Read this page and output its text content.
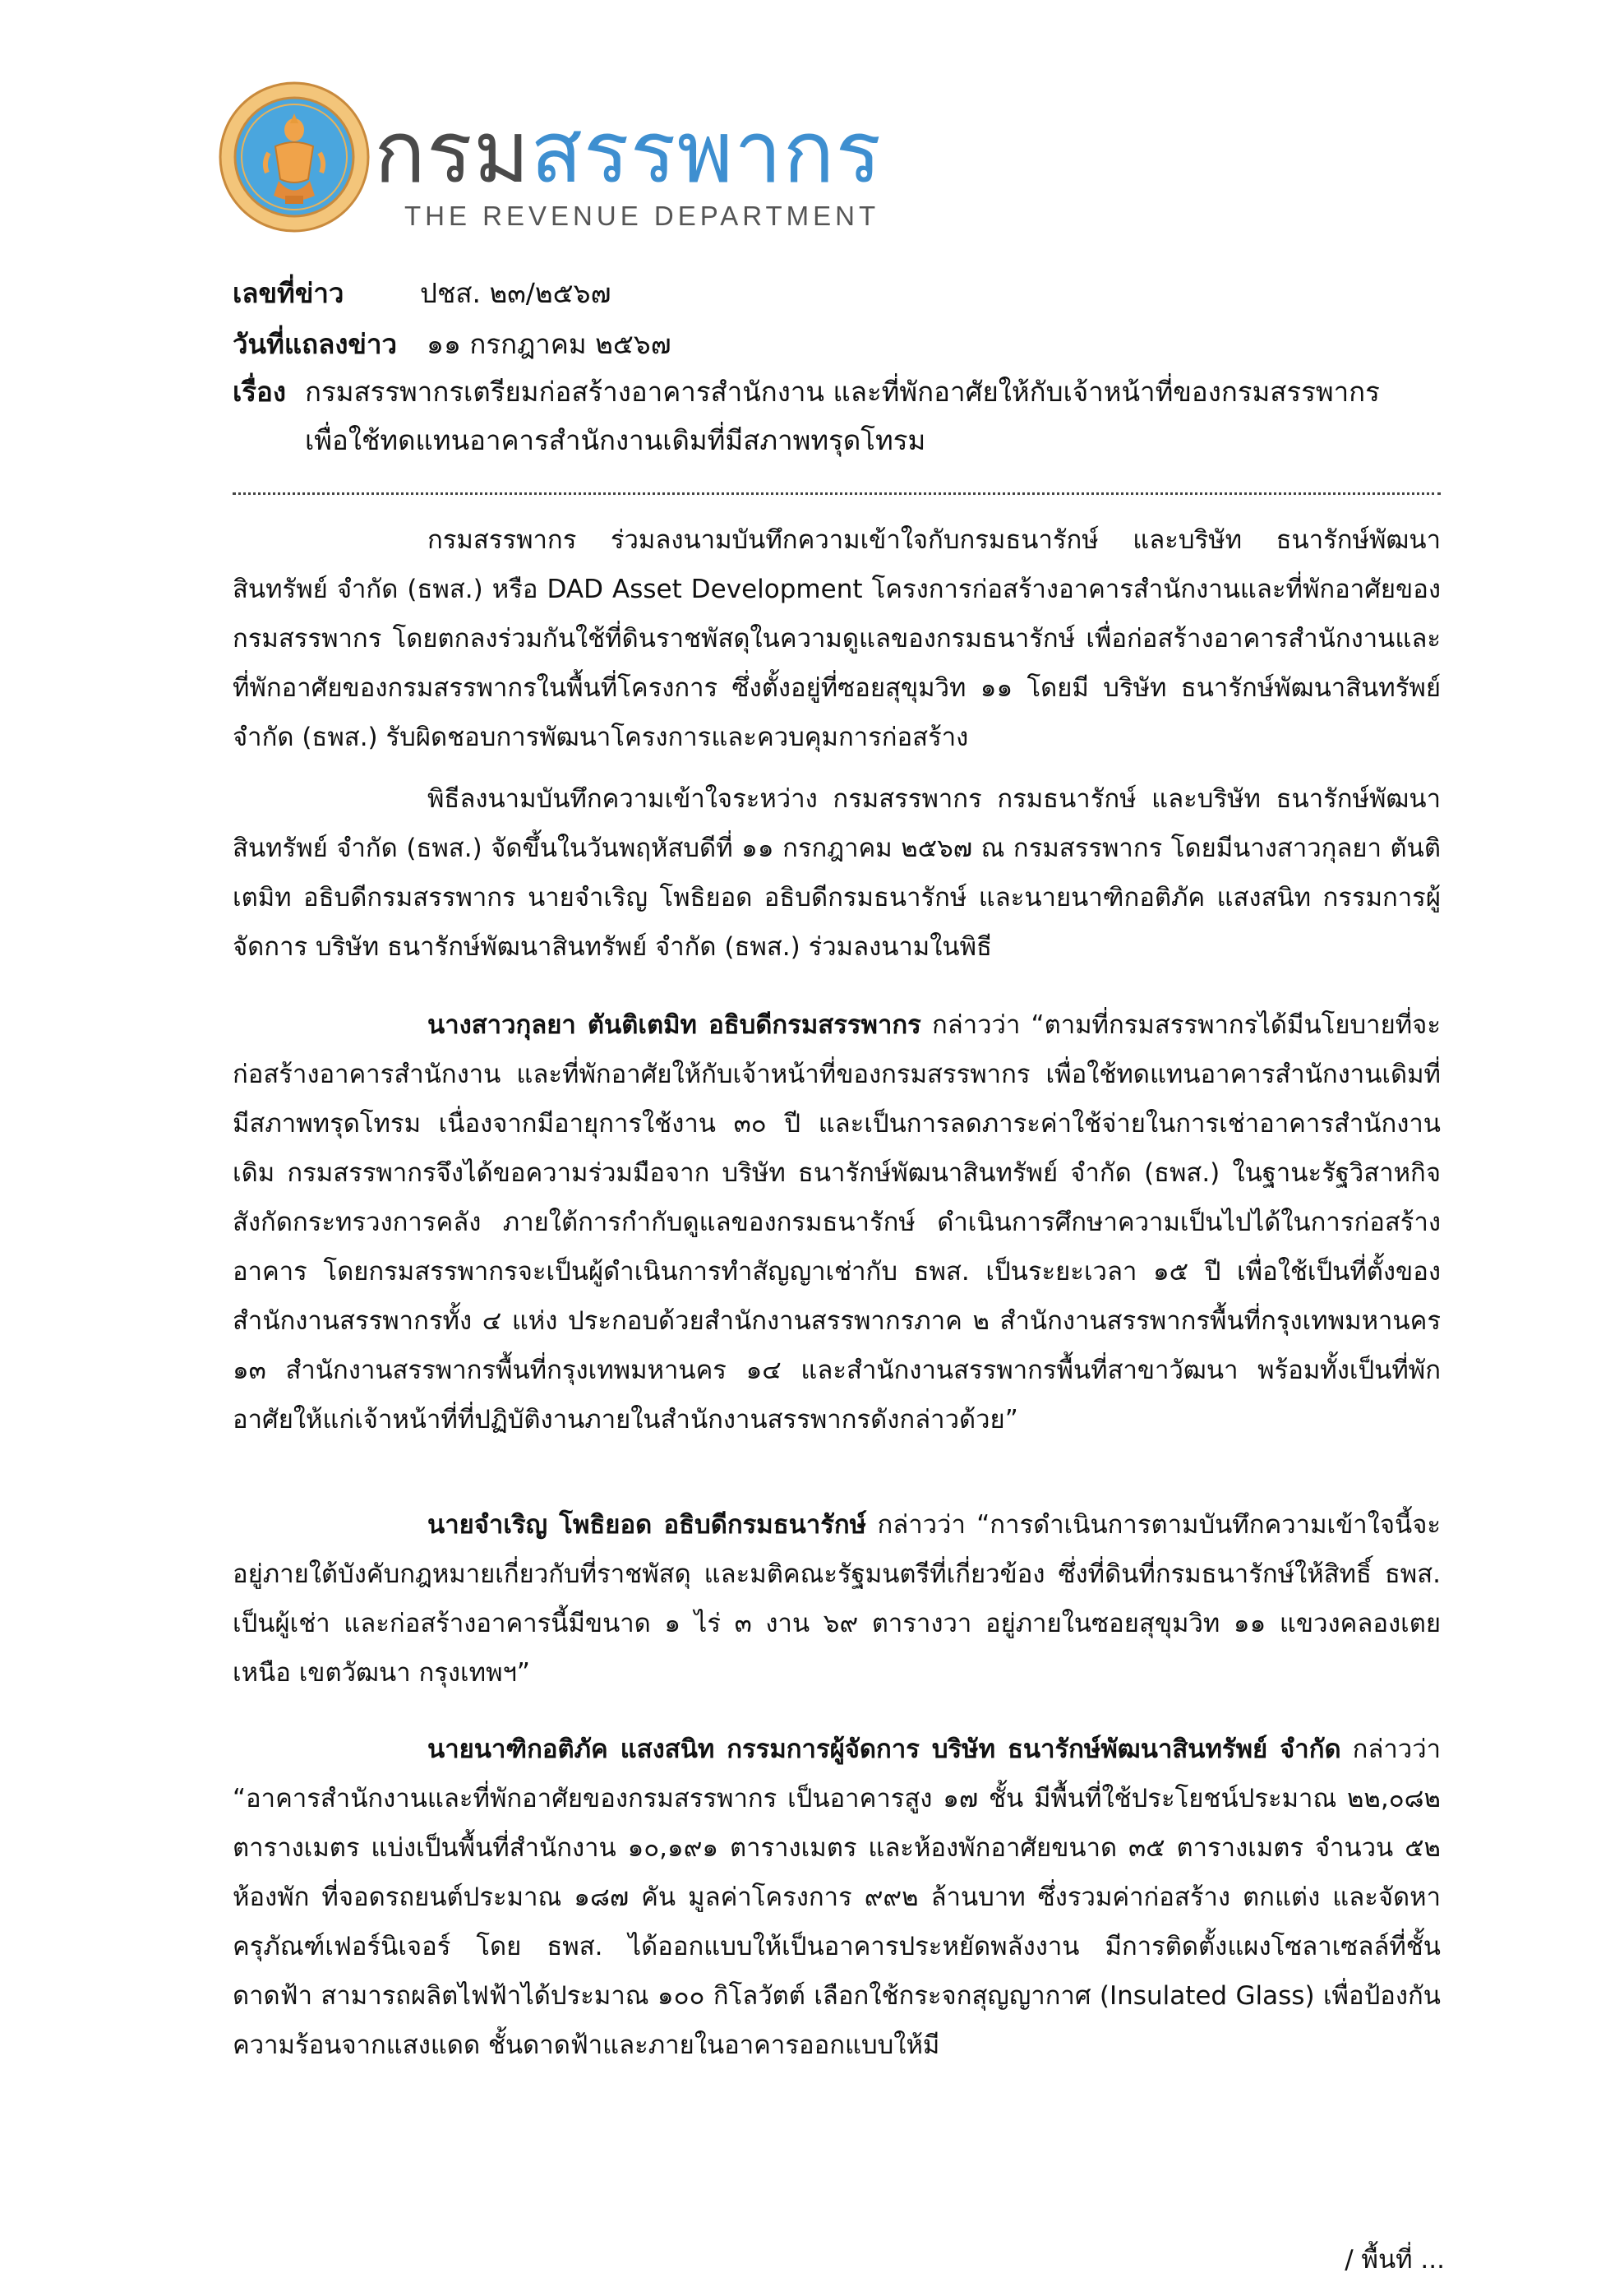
กรมสรรพากร
THE REVENUE DEPARTMENT
เลขที่ข่าว	ปชส. ๒๓/๒๕๖๗
วันที่แถลงข่าว ๑๑ กรกฎาคม ๒๕๖๗
เรื่อง กรมสรรพากรเตรียมก่อสร้างอาคารสำนักงาน และที่พักอาศัยให้กับเจ้าหน้าที่ของกรมสรรพากร
เพื่อใช้ทดแทนอาคารสำนักงานเดิมที่มีสภาพทรุดโทรม

กรมสรรพากร ร่วมลงนามบันทึกความเข้าใจกับกรมธนารักษ์ และบริษัท ธนารักษ์พัฒนาสินทรัพย์ จำกัด (ธพส.) หรือ DAD Asset Development โครงการก่อสร้างอาคารสำนักงานและที่พักอาศัยของกรมสรรพากร โดยตกลงร่วมกันใช้ที่ดินราชพัสดุในความดูแลของกรมธนารักษ์ เพื่อก่อสร้างอาคารสำนักงานและที่พักอาศัยของกรมสรรพากรในพื้นที่โครงการ ซึ่งตั้งอยู่ที่ซอยสุขุมวิท ๑๑ โดยมี บริษัท ธนารักษ์พัฒนาสินทรัพย์ จำกัด (ธพส.) รับผิดชอบการพัฒนาโครงการและควบคุมการก่อสร้าง

พิธีลงนามบันทึกความเข้าใจระหว่าง กรมสรรพากร กรมธนารักษ์ และบริษัท ธนารักษ์พัฒนาสินทรัพย์ จำกัด (ธพส.) จัดขึ้นในวันพฤหัสบดีที่ ๑๑ กรกฎาคม ๒๕๖๗ ณ กรมสรรพากร โดยมีนางสาวกุลยา ตันติเตมิท อธิบดีกรมสรรพากร นายจำเริญ โพธิยอด อธิบดีกรมธนารักษ์ และนายนาฑิกอติภัค แสงสนิท กรรมการผู้จัดการ บริษัท ธนารักษ์พัฒนาสินทรัพย์ จำกัด (ธพส.) ร่วมลงนามในพิธี

นางสาวกุลยา ตันติเตมิท อธิบดีกรมสรรพากร กล่าวว่า “ตามที่กรมสรรพากรได้มีนโยบายที่จะก่อสร้างอาคารสำนักงาน และที่พักอาศัยให้กับเจ้าหน้าที่ของกรมสรรพากร เพื่อใช้ทดแทนอาคารสำนักงานเดิมที่มีสภาพทรุดโทรม เนื่องจากมีอายุการใช้งาน ๓๐ ปี และเป็นการลดภาระค่าใช้จ่ายในการเช่าอาคารสำนักงานเดิม กรมสรรพากรจึงได้ขอความร่วมมือจาก บริษัท ธนารักษ์พัฒนาสินทรัพย์ จำกัด (ธพส.) ในฐานะรัฐวิสาหกิจ สังกัดกระทรวงการคลัง ภายใต้การกำกับดูแลของกรมธนารักษ์ ดำเนินการศึกษาความเป็นไปได้ในการก่อสร้างอาคาร โดยกรมสรรพากรจะเป็นผู้ดำเนินการทำสัญญาเช่ากับ ธพส. เป็นระยะเวลา ๑๕ ปี เพื่อใช้เป็นที่ตั้งของสำนักงานสรรพากรทั้ง ๔ แห่ง ประกอบด้วยสำนักงานสรรพากรภาค ๒ สำนักงานสรรพากรพื้นที่กรุงเทพมหานคร ๑๓ สำนักงานสรรพากรพื้นที่กรุงเทพมหานคร ๑๔ และสำนักงานสรรพากรพื้นที่สาขาวัฒนา พร้อมทั้งเป็นที่พักอาศัยให้แก่เจ้าหน้าที่ที่ปฏิบัติงานภายในสำนักงานสรรพากรดังกล่าวด้วย”

นายจำเริญ โพธิยอด อธิบดีกรมธนารักษ์ กล่าวว่า “การดำเนินการตามบันทึกความเข้าใจนี้จะอยู่ภายใต้บังคับกฎหมายเกี่ยวกับที่ราชพัสดุ และมติคณะรัฐมนตรีที่เกี่ยวข้อง ซึ่งที่ดินที่กรมธนารักษ์ให้สิทธิ์ ธพส. เป็นผู้เช่า และก่อสร้างอาคารนี้มีขนาด ๑ ไร่ ๓ งาน ๖๙ ตารางวา อยู่ภายในซอยสุขุมวิท ๑๑ แขวงคลองเตยเหนือ เขตวัฒนา กรุงเทพฯ”

นายนาฑิกอติภัค แสงสนิท กรรมการผู้จัดการ บริษัท ธนารักษ์พัฒนาสินทรัพย์ จำกัด กล่าวว่า “อาคารสำนักงานและที่พักอาศัยของกรมสรรพากร เป็นอาคารสูง ๑๗ ชั้น มีพื้นที่ใช้ประโยชน์ประมาณ ๒๒,๐๘๒ ตารางเมตร แบ่งเป็นพื้นที่สำนักงาน ๑๐,๑๙๑ ตารางเมตร และห้องพักอาศัยขนาด ๓๕ ตารางเมตร จำนวน ๕๒ ห้องพัก ที่จอดรถยนต์ประมาณ ๑๘๗ คัน มูลค่าโครงการ ๙๙๒ ล้านบาท ซึ่งรวมค่าก่อสร้าง ตกแต่ง และจัดหาครุภัณฑ์เฟอร์นิเจอร์ โดย ธพส. ได้ออกแบบให้เป็นอาคารประหยัดพลังงาน มีการติดตั้งแผงโซลาเซลล์ที่ชั้นดาดฟ้า สามารถผลิตไฟฟ้าได้ประมาณ ๑๐๐ กิโลวัตต์ เลือกใช้กระจกสุญญากาศ (Insulated Glass) เพื่อป้องกันความร้อนจากแสงแดด ชั้นดาดฟ้าและภายในอาคารออกแบบให้มี

/ พื้นที่ ...
